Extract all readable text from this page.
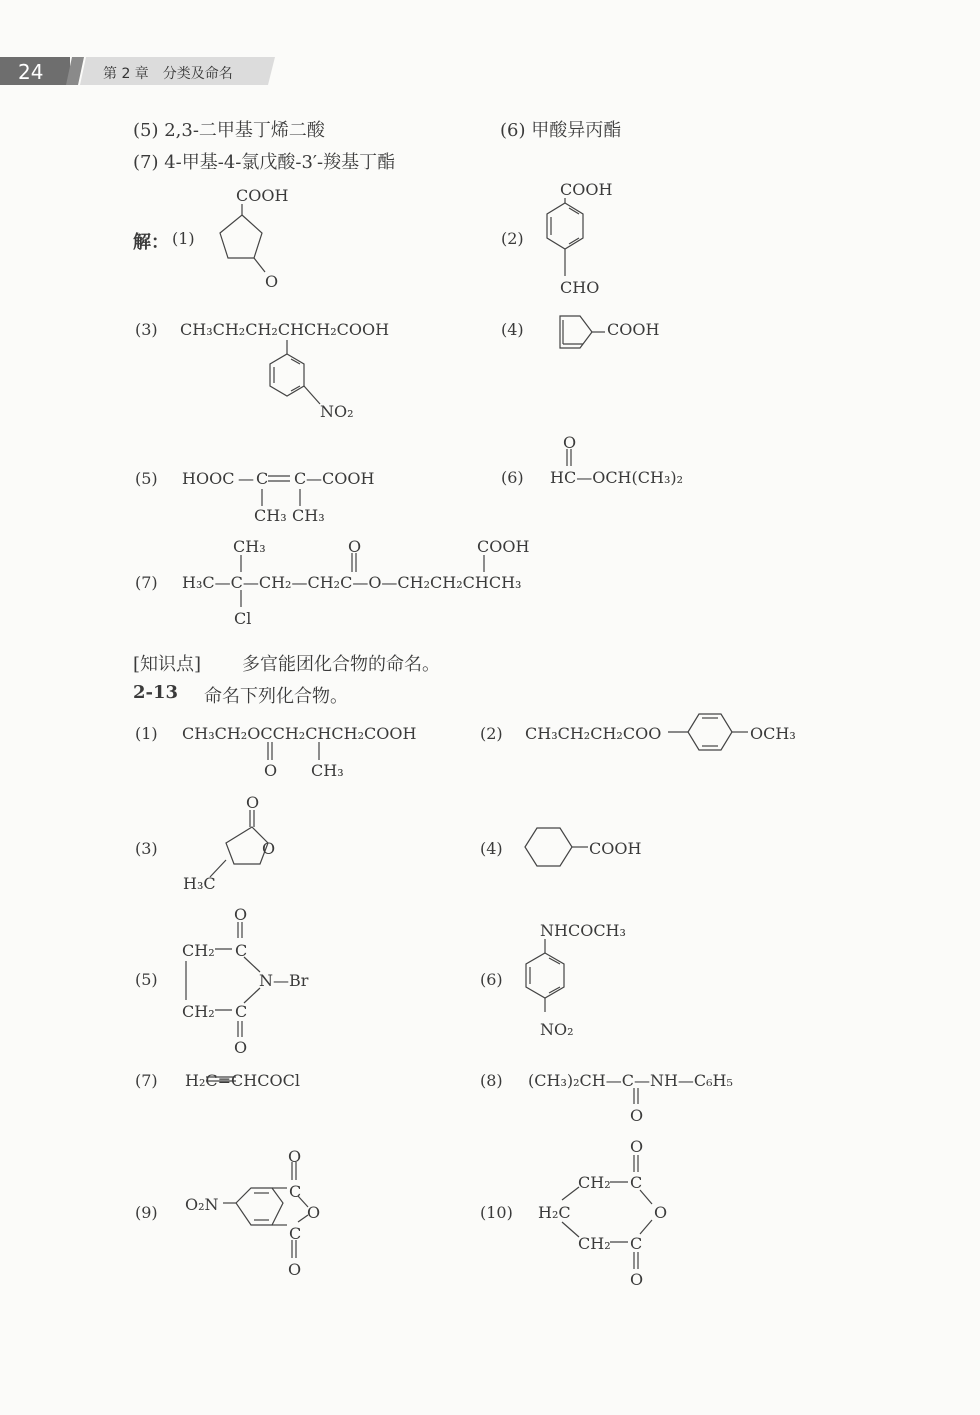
24	第 2 章　分类及命名
(5) 2,3-二甲基丁烯二酸	(6) 甲酸异丙酯
(7) 4-甲基-4-氯戊酸-3′-羧基丁酯
解： (1)
COOH
O
(2)
COOH
CHO
(3) CH₃CH₂CH₂CHCH₂COOH
NO₂
(4)	COOH
(5) HOOC — C C — COOH
CH₃ CH₃
(6)
O
HC—OCH(CH₃)₂
(7)
CH₃	O	COOH
H₃C—C—CH₂—CH₂C—O—CH₂CH₂CHCH₃
Cl
[知识点] 多官能团化合物的命名。
2-13 命名下列化合物。
(1) CH₃CH₂OCCH₂CHCH₂COOH
O CH₃
(2) CH₃CH₂CH₂COO	OCH₃
(3)
O
O
H₃C
(4)	COOH
(5)
O
CH₂ C
N—Br
CH₂ C
O
(6)
NHCOCH₃
NO₂
(7) H₂C=CHCOCl	(8) (CH₃)₂CH—C—NH—C₆H₅
O
(9) O₂N
O
C
O
C
O
(10) H₂C
O
CH₂ C
O
CH₂ C
O
